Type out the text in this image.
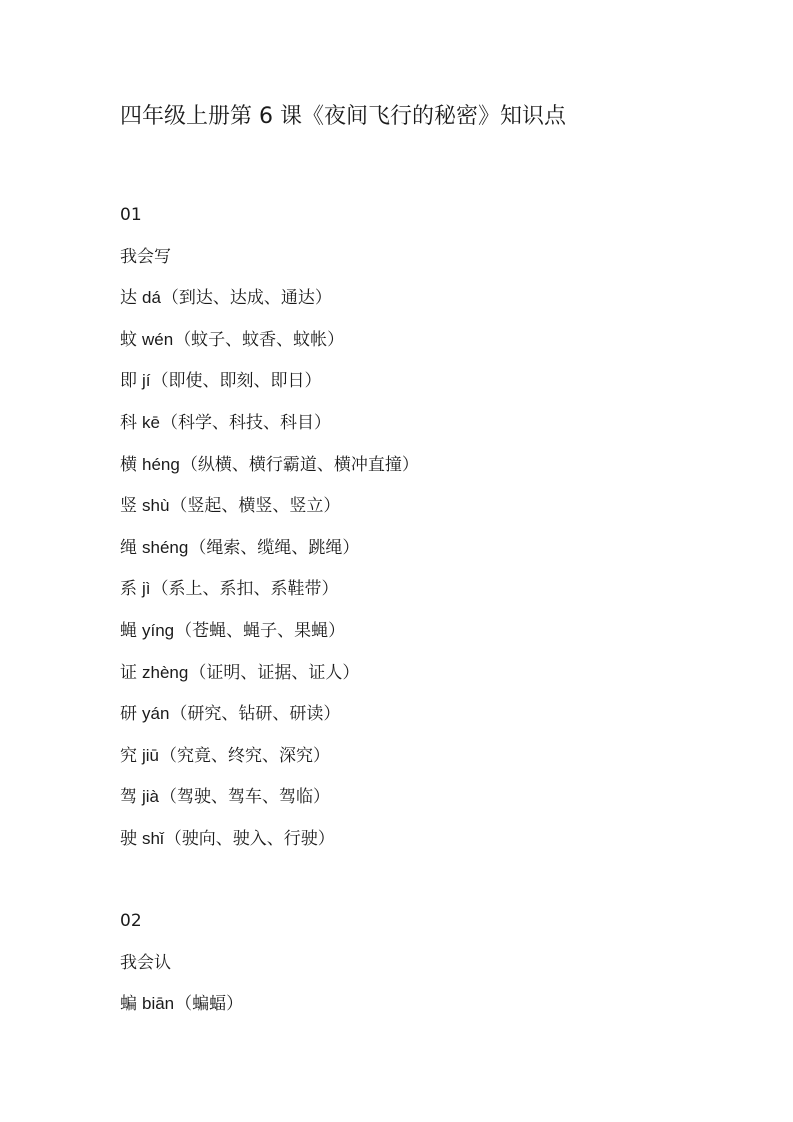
四年级上册第 6 课《夜间飞行的秘密》知识点
01
我会写
达 dá（到达、达成、通达）
蚊 wén（蚊子、蚊香、蚊帐）
即 jí（即使、即刻、即日）
科 kē（科学、科技、科目）
横 héng（纵横、横行霸道、横冲直撞）
竖 shù（竖起、横竖、竖立）
绳 shéng（绳索、缆绳、跳绳）
系 jì（系上、系扣、系鞋带）
蝇 yíng（苍蝇、蝇子、果蝇）
证 zhèng（证明、证据、证人）
研 yán（研究、钻研、研读）
究 jiū（究竟、终究、深究）
驾 jià（驾驶、驾车、驾临）
驶 shǐ（驶向、驶入、行驶）
02
我会认
蝙 biān（蝙蝠）
